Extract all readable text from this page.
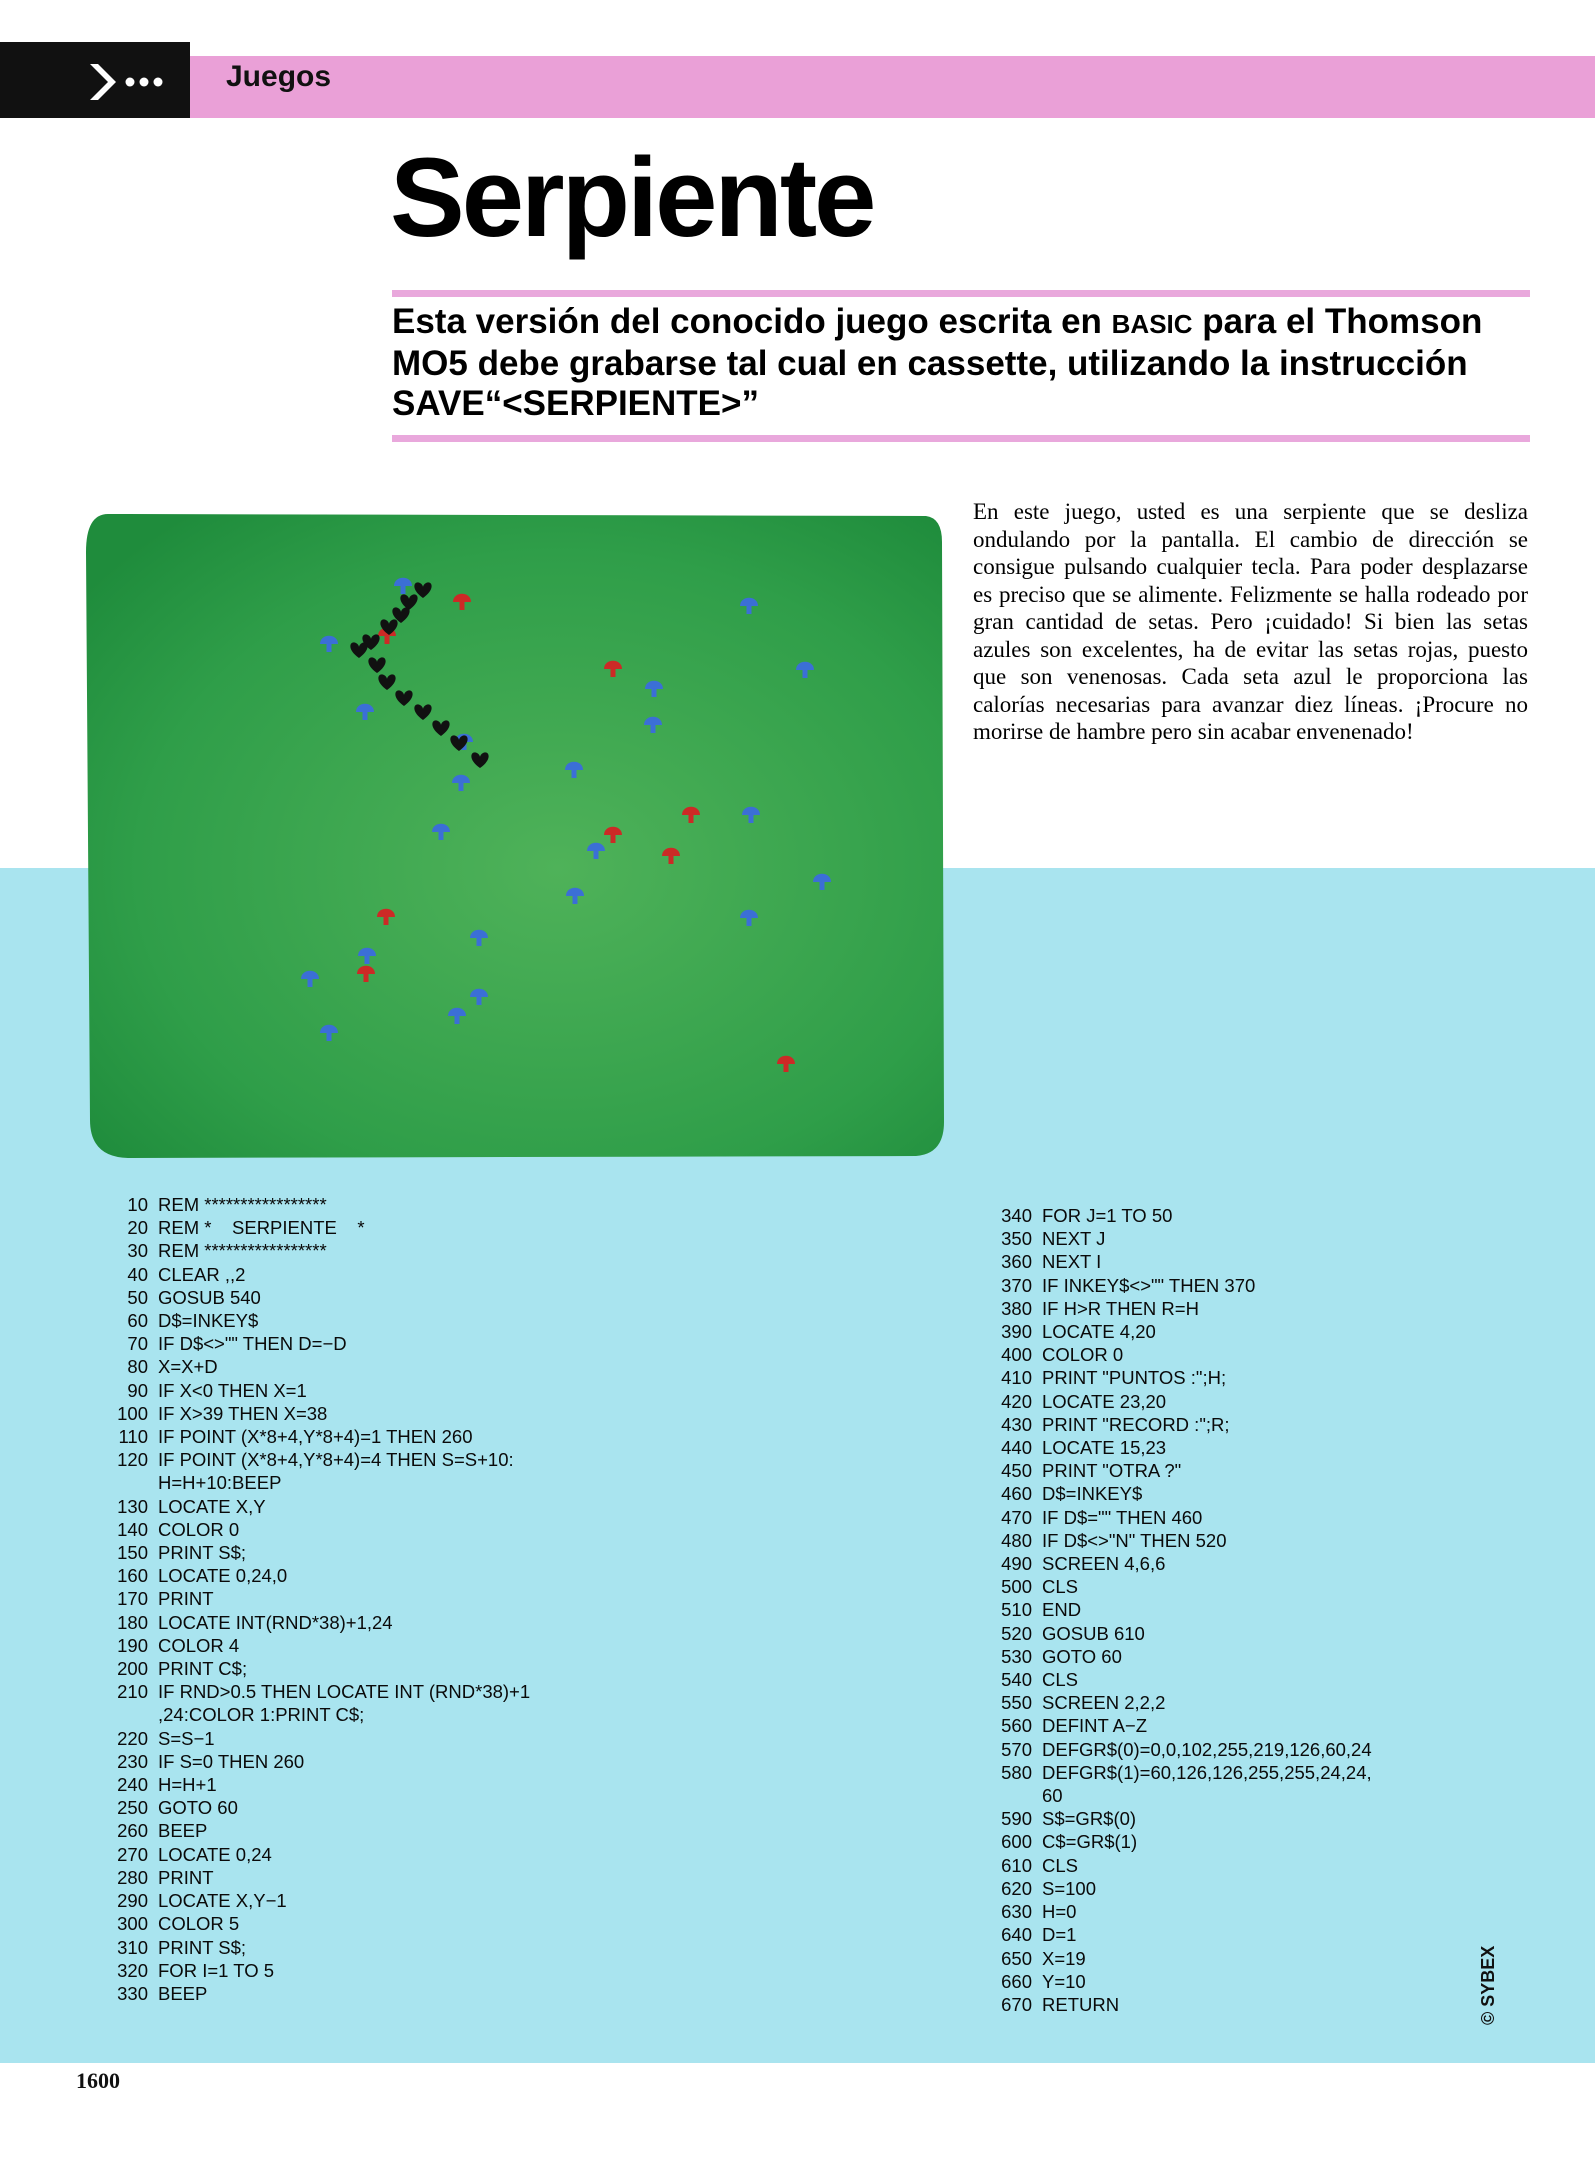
Juegos
Serpiente
Esta versión del conocido juego escrita en BASIC para el Thomson MO5 debe grabarse tal cual en cassette, utilizando la instrucción SAVE“<SERPIENTE>”
En este juego, usted es una serpiente que se desliza ondulando por la pantalla. El cambio de dirección se consigue pulsando cualquier tecla. Para poder desplazarse es preciso que se alimente. Felizmente se halla rodeado por gran cantidad de setas. Pero ¡cuidado! Si bien las setas azules son excelentes, ha de evitar las setas rojas, puesto que son venenosas. Cada seta azul le proporciona las calorías necesarias para avanzar diez líneas. ¡Procure no morirse de hambre pero sin acabar envenenado!
10 REM *****************
20 REM *    SERPIENTE    *
30 REM *****************
40 CLEAR ,,2
50 GOSUB 540
60 D$=INKEY$
70 IF D$<>"" THEN D=−D
80 X=X+D
90 IF X<0 THEN X=1
100 IF X>39 THEN X=38
110 IF POINT (X*8+4,Y*8+4)=1 THEN 260
120 IF POINT (X*8+4,Y*8+4)=4 THEN S=S+10:
H=H+10:BEEP
130 LOCATE X,Y
140 COLOR 0
150 PRINT S$;
160 LOCATE 0,24,0
170 PRINT
180 LOCATE INT(RND*38)+1,24
190 COLOR 4
200 PRINT C$;
210 IF RND>0.5 THEN LOCATE INT (RND*38)+1
,24:COLOR 1:PRINT C$;
220 S=S−1
230 IF S=0 THEN 260
240 H=H+1
250 GOTO 60
260 BEEP
270 LOCATE 0,24
280 PRINT
290 LOCATE X,Y−1
300 COLOR 5
310 PRINT S$;
320 FOR I=1 TO 5
330 BEEP
340 FOR J=1 TO 50
350 NEXT J
360 NEXT I
370 IF INKEY$<>"" THEN 370
380 IF H>R THEN R=H
390 LOCATE 4,20
400 COLOR 0
410 PRINT "PUNTOS :";H;
420 LOCATE 23,20
430 PRINT "RECORD :";R;
440 LOCATE 15,23
450 PRINT "OTRA ?"
460 D$=INKEY$
470 IF D$="" THEN 460
480 IF D$<>"N" THEN 520
490 SCREEN 4,6,6
500 CLS
510 END
520 GOSUB 610
530 GOTO 60
540 CLS
550 SCREEN 2,2,2
560 DEFINT A−Z
570 DEFGR$(0)=0,0,102,255,219,126,60,24
580 DEFGR$(1)=60,126,126,255,255,24,24,
60
590 S$=GR$(0)
600 C$=GR$(1)
610 CLS
620 S=100
630 H=0
640 D=1
650 X=19
660 Y=10
670 RETURN	© SYBEX
1600
